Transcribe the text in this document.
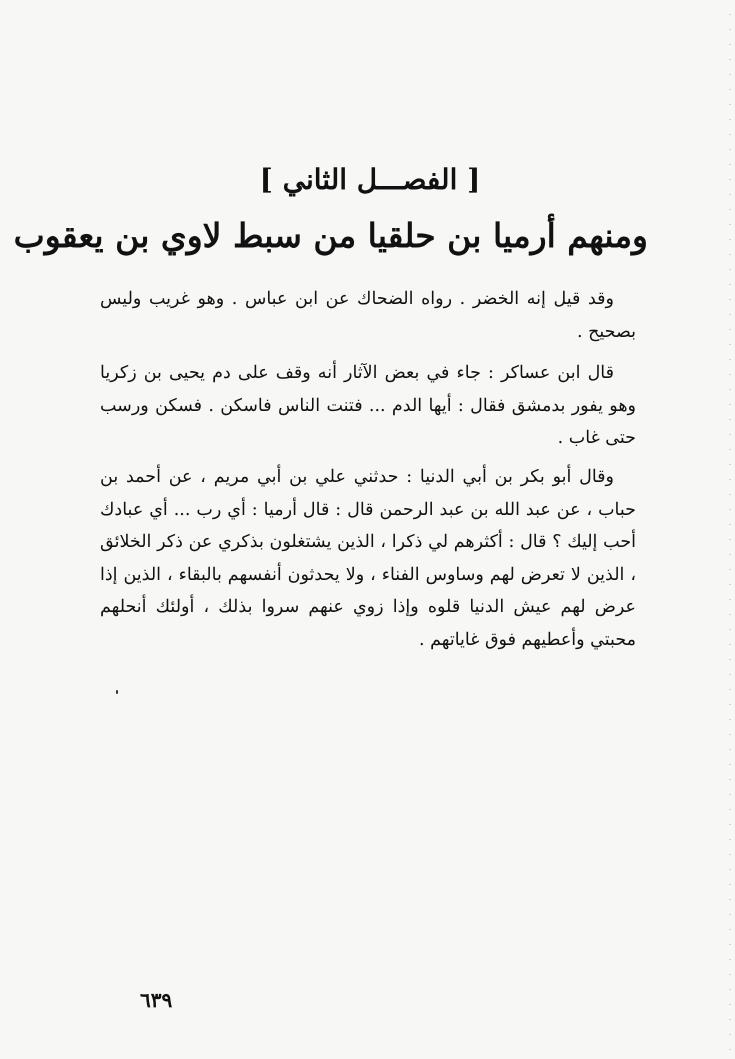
[ الفصـــل الثاني ]
ومنهم أرميا بن حلقيا من سبط لاوي بن يعقوب

وقد قيل إنه الخضر . رواه الضحاك عن ابن عباس . وهو غريب وليس بصحيح .

قال ابن عساكر : جاء في بعض الآثار أنه وقف على دم يحيى بن زكريا وهو يفور بدمشق فقال : أيها الدم ... فتنت الناس فاسكن . فسكن ورسب حتى غاب .

وقال أبو بكر بن أبي الدنيا : حدثني علي بن أبي مريم ، عن أحمد بن حباب ، عن عبد الله بن عبد الرحمن قال : قال أرميا : أي رب ... أي عبادك أحب إليك ؟ قال : أكثرهم لي ذكرا ، الذين يشتغلون بذكري عن ذكر الخلائق ، الذين لا تعرض لهم وساوس الفناء ، ولا يحدثون أنفسهم بالبقاء ، الذين إذا عرض لهم عيش الدنيا قلوه وإذا زوي عنهم سروا بذلك ، أولئك أنحلهم محبتي وأعطيهم فوق غاياتهم .

٦٣٩
